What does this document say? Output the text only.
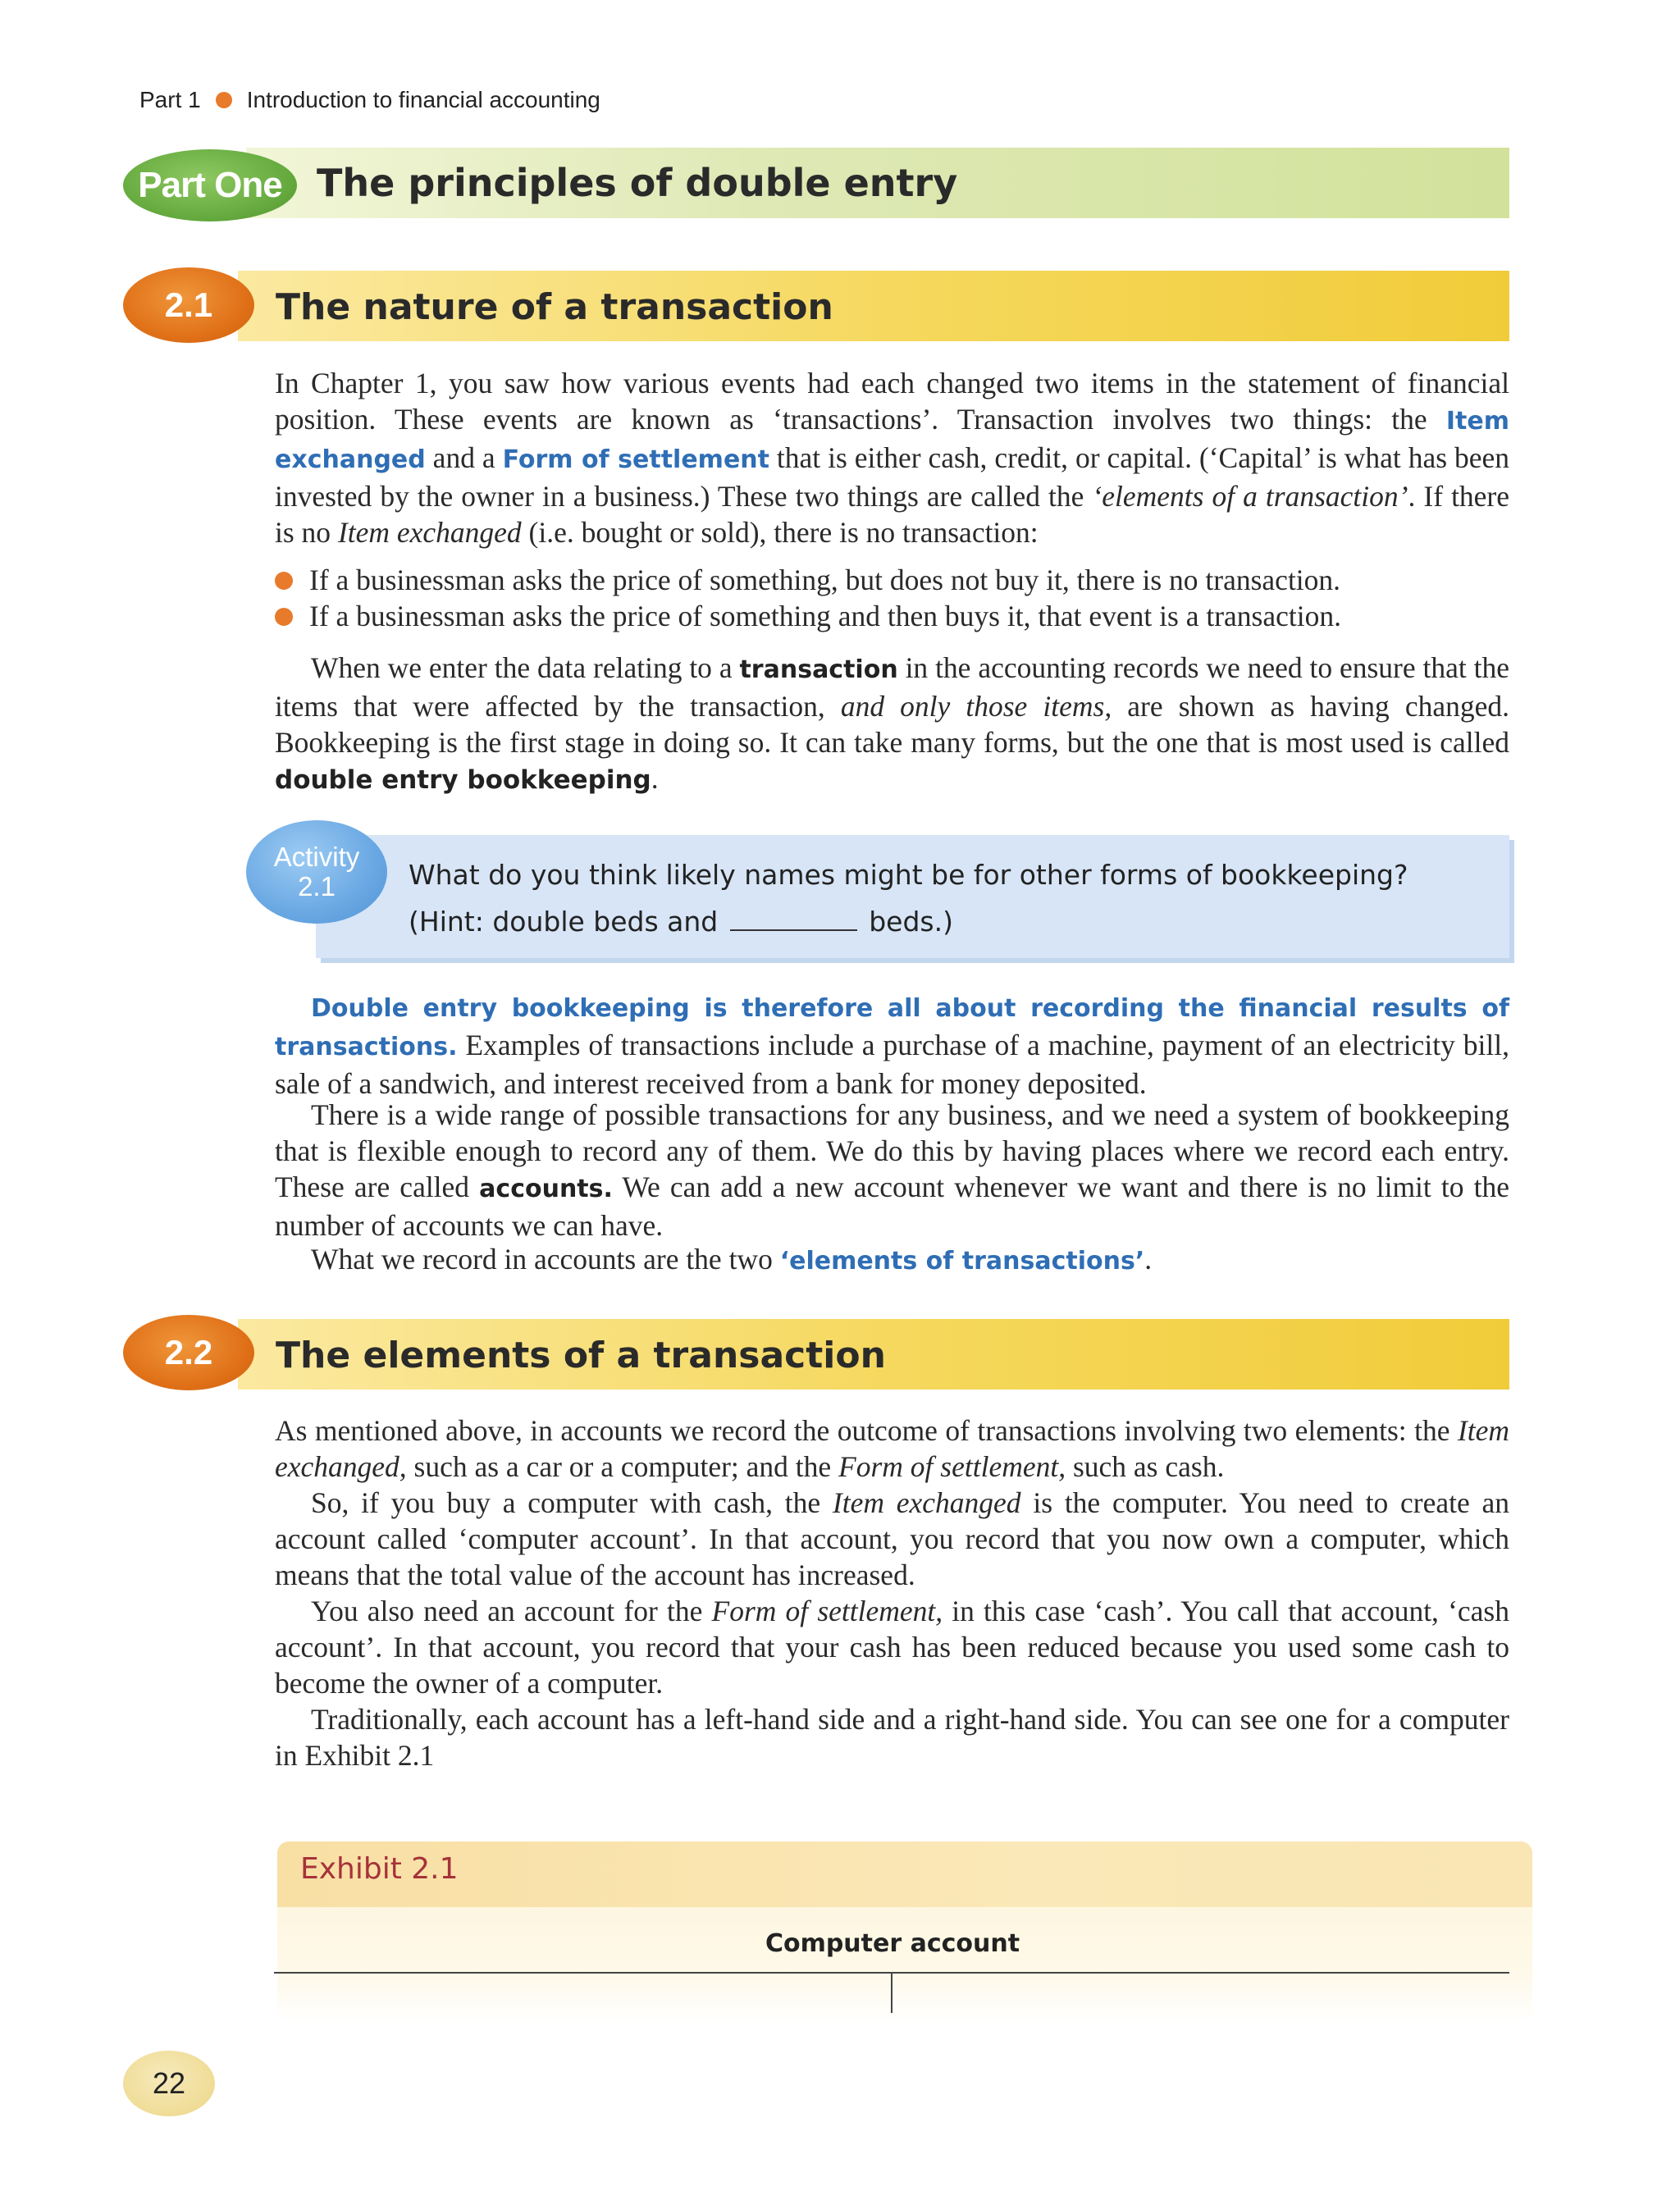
Part 1 Introduction to financial accounting
Part One The principles of double entry
2.1	The nature of a transaction
In Chapter 1, you saw how various events had each changed two items in the statement of financial position. These events are known as ‘transactions’. Transaction involves two things: the Item exchanged and a Form of settlement that is either cash, credit, or capital. (‘Capital’ is what has been invested by the owner in a business.) These two things are called the ‘elements of a transaction’. If there is no Item exchanged (i.e. bought or sold), there is no transaction:
If a businessman asks the price of something, but does not buy it, there is no transaction.
If a businessman asks the price of something and then buys it, that event is a transaction.
When we enter the data relating to a transaction in the accounting records we need to ensure that the items that were affected by the transaction, and only those items, are shown as having changed. Bookkeeping is the first stage in doing so. It can take many forms, but the one that is most used is called double entry bookkeeping.
Activity
2.1	What do you think likely names might be for other forms of bookkeeping?
(Hint: double beds and	beds.)
Double entry bookkeeping is therefore all about recording the financial results of transactions. Examples of transactions include a purchase of a machine, payment of an electricity bill, sale of a sandwich, and interest received from a bank for money deposited.
There is a wide range of possible transactions for any business, and we need a system of bookkeeping that is flexible enough to record any of them. We do this by having places where we record each entry. These are called accounts. We can add a new account whenever we want and there is no limit to the number of accounts we can have.
What we record in accounts are the two ‘elements of transactions’.
2.2	The elements of a transaction
As mentioned above, in accounts we record the outcome of transactions involving two elements: the Item exchanged, such as a car or a computer; and the Form of settlement, such as cash.
So, if you buy a computer with cash, the Item exchanged is the computer. You need to create an account called ‘computer account’. In that account, you record that you now own a computer, which means that the total value of the account has increased.
You also need an account for the Form of settlement, in this case ‘cash’. You call that account, ‘cash account’. In that account, you record that your cash has been reduced because you used some cash to become the owner of a computer.
Traditionally, each account has a left-hand side and a right-hand side. You can see one for a computer in Exhibit 2.1
Exhibit 2.1
Computer account
22
